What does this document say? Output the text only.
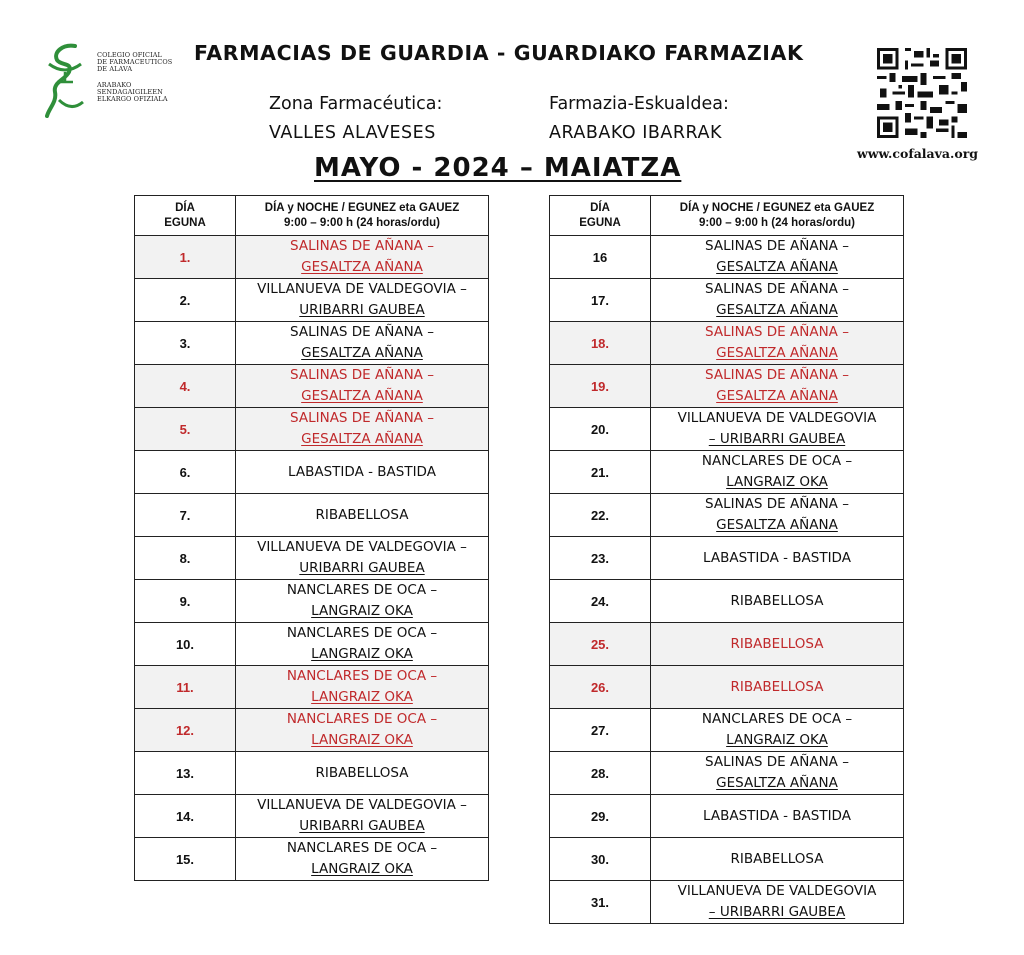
COLEGIO OFICIAL
DE FARMACEUTICOS
DE ALAVA
ARABAKO
SENDAGAIGILEEN
ELKARGO OFIZIALA
FARMACIAS DE GUARDIA - GUARDIAKO FARMAZIAK
Zona Farmacéutica:	Farmazia-Eskualdea:
VALLES ALAVESES	ARABAKO IBARRAK
MAYO - 2024 – MAIATZA	www.cofalava.org
DÍA
EGUNA	DÍA y NOCHE / EGUNEZ eta GAUEZ
9:00 – 9:00 h (24 horas/ordu)
1.	SALINAS DE AÑANA –
GESALTZA AÑANA

2.	VILLANUEVA DE VALDEGOVIA –
URIBARRI GAUBEA

3.	SALINAS DE AÑANA –
GESALTZA AÑANA

4.	SALINAS DE AÑANA –
GESALTZA AÑANA

5.	SALINAS DE AÑANA –
GESALTZA AÑANA

6.	LABASTIDA - BASTIDA

7.	RIBABELLOSA

8.	VILLANUEVA DE VALDEGOVIA –
URIBARRI GAUBEA

9.	NANCLARES DE OCA –
LANGRAIZ OKA

10.	NANCLARES DE OCA –
LANGRAIZ OKA

11.	NANCLARES DE OCA –
LANGRAIZ OKA

12.	NANCLARES DE OCA –
LANGRAIZ OKA

13.	RIBABELLOSA

14.	VILLANUEVA DE VALDEGOVIA –
URIBARRI GAUBEA

15.	NANCLARES DE OCA –
LANGRAIZ OKA
DÍA
EGUNA	DÍA y NOCHE / EGUNEZ eta GAUEZ
9:00 – 9:00 h (24 horas/ordu)
16	SALINAS DE AÑANA –
GESALTZA AÑANA

17.	SALINAS DE AÑANA –
GESALTZA AÑANA

18.	SALINAS DE AÑANA –
GESALTZA AÑANA

19.	SALINAS DE AÑANA –
GESALTZA AÑANA

20.	VILLANUEVA DE VALDEGOVIA
– URIBARRI GAUBEA

21.	NANCLARES DE OCA –
LANGRAIZ OKA

22.	SALINAS DE AÑANA –
GESALTZA AÑANA

23.	LABASTIDA - BASTIDA

24.	RIBABELLOSA

25.	RIBABELLOSA

26.	RIBABELLOSA

27.	NANCLARES DE OCA –
LANGRAIZ OKA

28.	SALINAS DE AÑANA –
GESALTZA AÑANA

29.	LABASTIDA - BASTIDA

30.	RIBABELLOSA

31.	VILLANUEVA DE VALDEGOVIA
– URIBARRI GAUBEA
